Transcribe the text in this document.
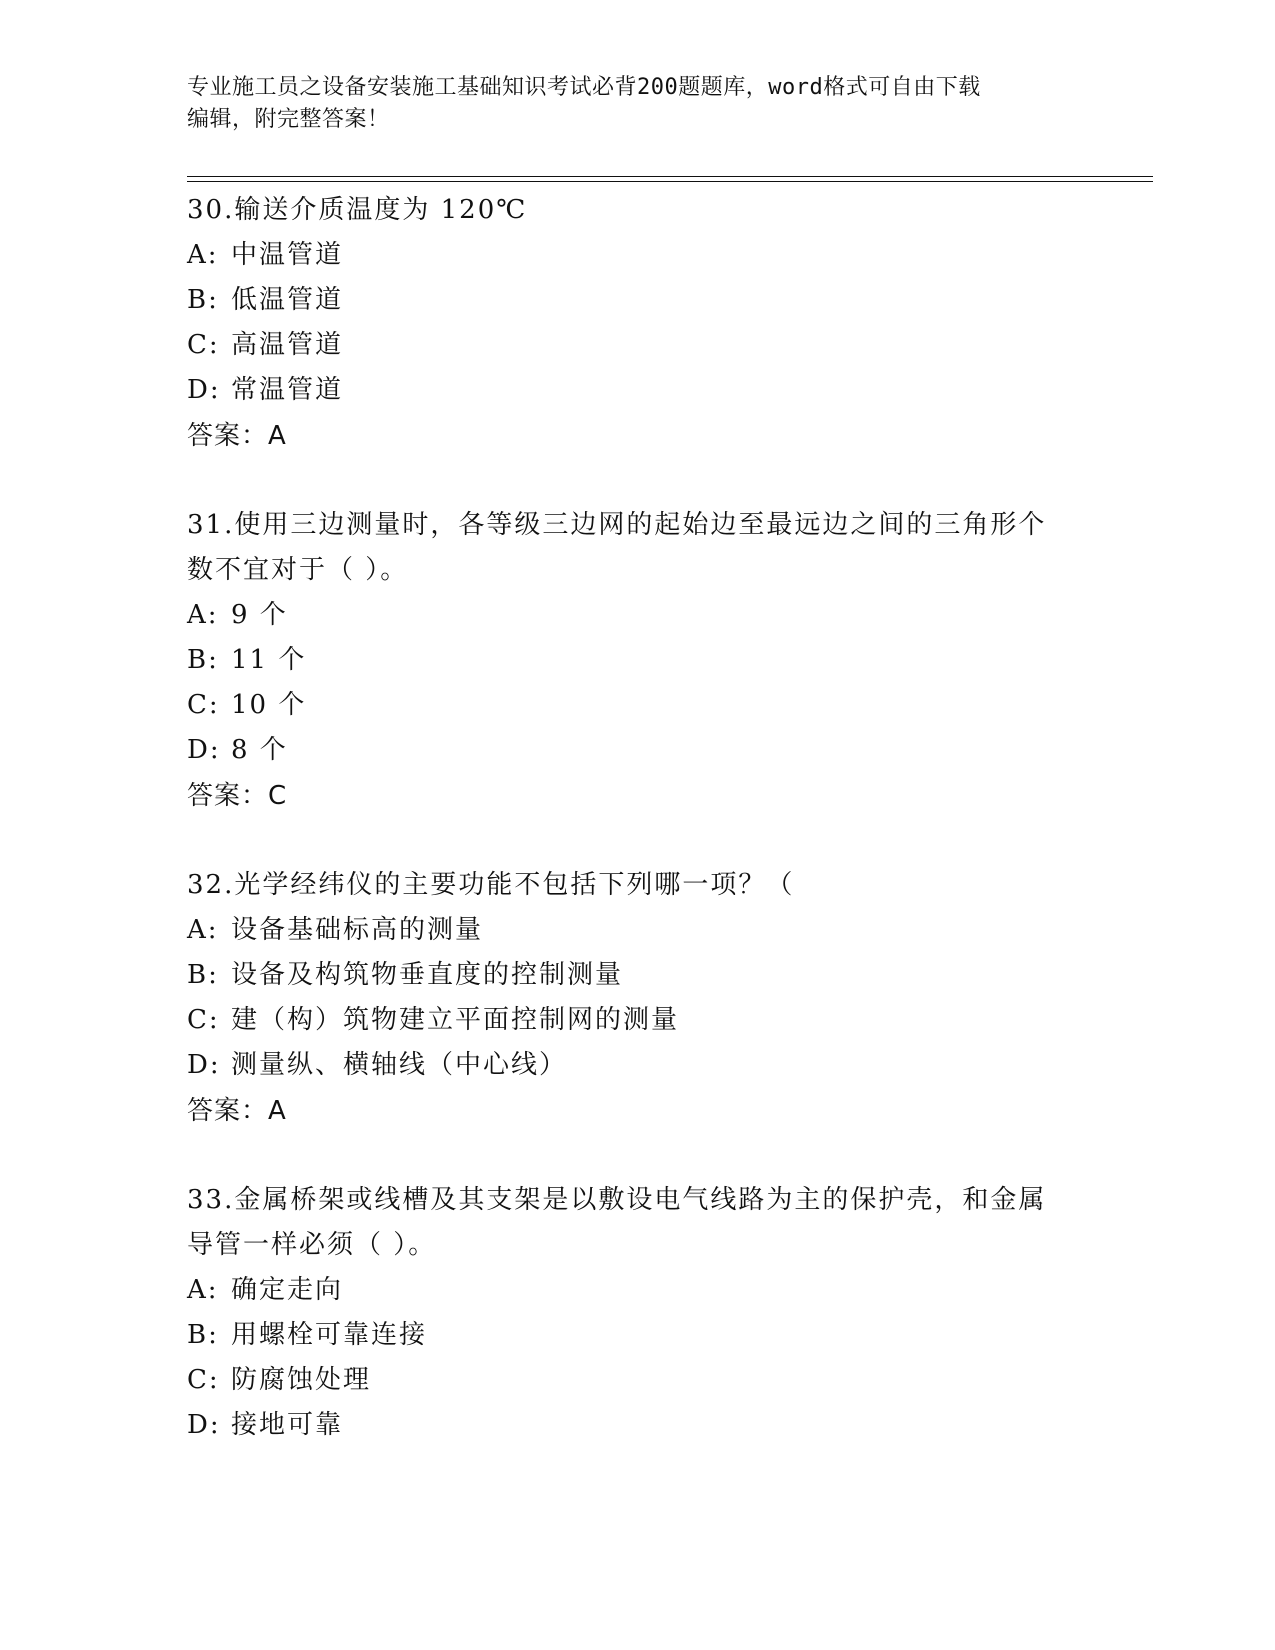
专业施工员之设备安装施工基础知识考试必背200题题库，word格式可自由下载
编辑，附完整答案！
30.输送介质温度为 120℃
A: 中温管道
B: 低温管道
C: 高温管道
D: 常温管道
答案：A
31.使用三边测量时，各等级三边网的起始边至最远边之间的三角形个
数不宜对于（ ）。
A: 9 个
B: 11 个
C: 10 个
D: 8 个
答案：C
32.光学经纬仪的主要功能不包括下列哪一项？（
A: 设备基础标高的测量
B: 设备及构筑物垂直度的控制测量
C: 建（构）筑物建立平面控制网的测量
D: 测量纵、横轴线（中心线）
答案：A
33.金属桥架或线槽及其支架是以敷设电气线路为主的保护壳，和金属
导管一样必须（ ）。
A: 确定走向
B: 用螺栓可靠连接
C: 防腐蚀处理
D: 接地可靠
